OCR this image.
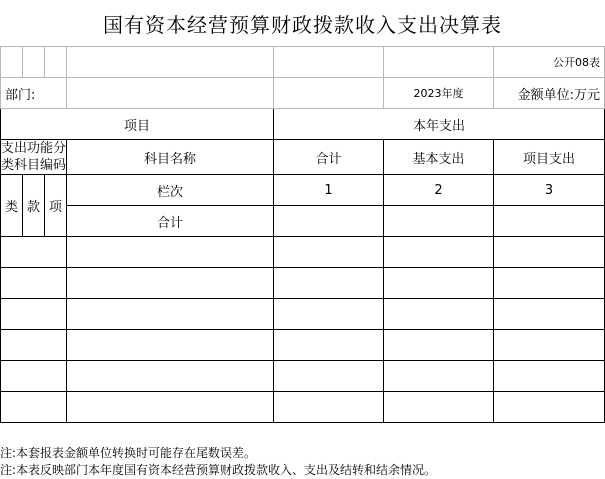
国有资本经营预算财政拨款收入支出决算表
						公开08表
部门:					2023年度	金额单位:万元
项目				本年支出		
支出功能分类科目编码			科目名称	合计	基本支出	项目支出
类	款	项	栏次	1	2	3
			合计			

注:本套报表金额单位转换时可能存在尾数误差。
注:本表反映部门本年度国有资本经营预算财政拨款收入、支出及结转和结余情况。
